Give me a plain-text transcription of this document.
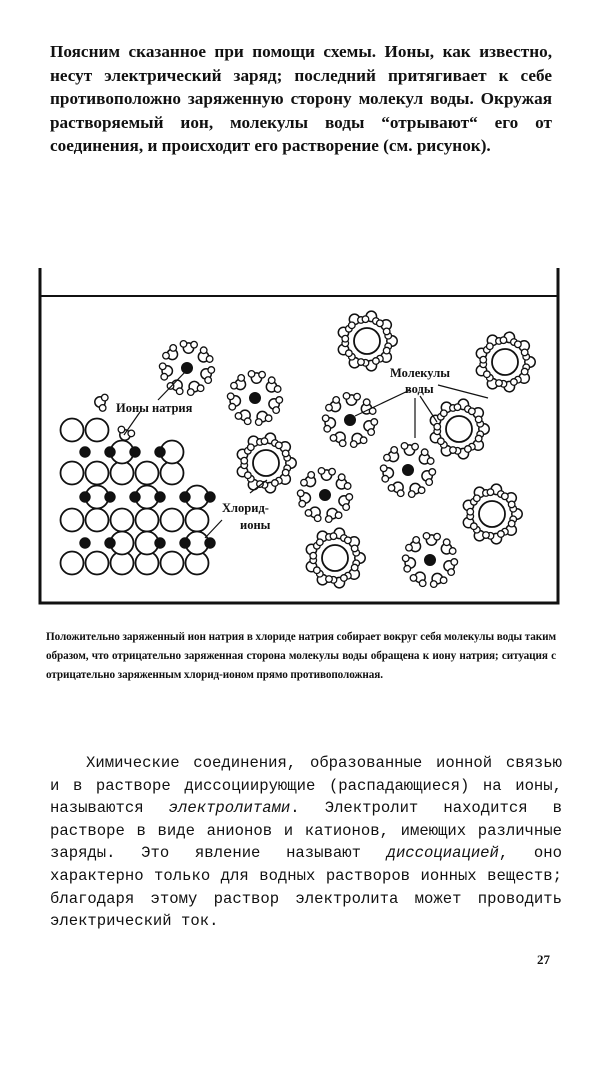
Поясним сказанное при помощи схемы. Ионы, как известно, несут электрический заряд; последний притягивает к себе противоположно заряженную сторону молекул воды. Окружая растворяемый ион, молекулы воды “отрывают“ его от соединения, и происходит его растворение (см. рисунок).

Ионы натрия
Хлорид-
ионы
Молекулы
воды

Положительно заряженный ион натрия в хлориде натрия собирает вокруг себя молекулы воды таким образом, что отрицательно заряженная сторона молекулы воды обращена к иону натрия; ситуация с отрицательно заряженным хлорид-ионом прямо противоположная.

Химические соединения, образованные ионной связью и в растворе диссоциирующие (распадающиеся) на ионы, называются электролитами. Электролит находится в растворе в виде анионов и катионов, имеющих различные заряды. Это явление называют диссоциацией, оно характерно только для водных растворов ионных веществ; благодаря этому раствор электролита может проводить электрический ток.

27
